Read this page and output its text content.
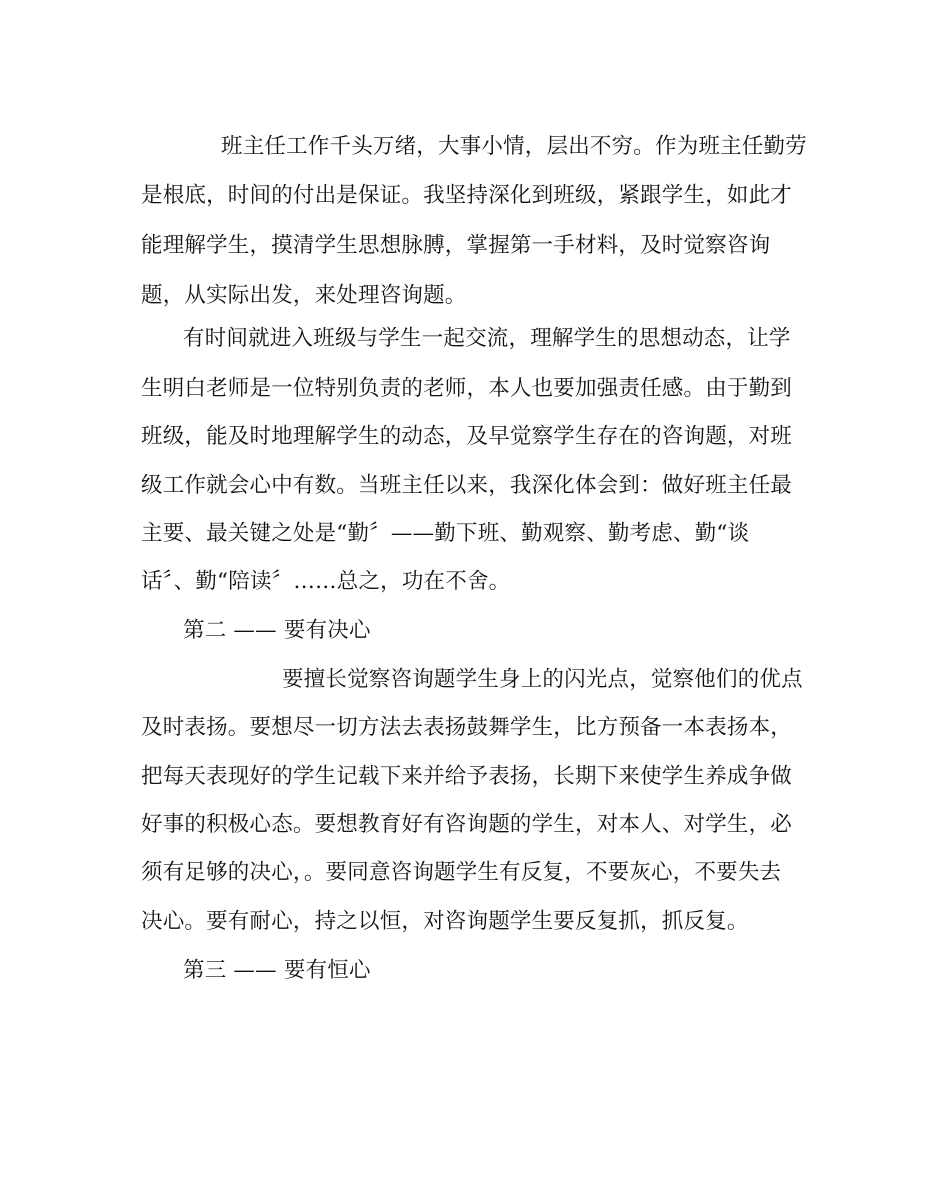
班主任工作千头万绪，大事小情，层出不穷。作为班主任勤劳
是根底，时间的付出是保证。我坚持深化到班级，紧跟学生，如此才
能理解学生，摸清学生思想脉膊，掌握第一手材料，及时觉察咨询
题，从实际出发，来处理咨询题。
有时间就进入班级与学生一起交流，理解学生的思想动态，让学
生明白老师是一位特别负责的老师，本人也要加强责任感。由于勤到
班级，能及时地理解学生的动态，及早觉察学生存在的咨询题，对班
级工作就会心中有数。当班主任以来，我深化体会到：做好班主任最
主要、最关键之处是“勤〞——勤下班、勤观察、勤考虑、勤“谈
话〞、勤“陪读〞……总之，功在不舍。
第二 —— 要有决心
要擅长觉察咨询题学生身上的闪光点，觉察他们的优点
及时表扬。要想尽一切方法去表扬鼓舞学生，比方预备一本表扬本，
把每天表现好的学生记载下来并给予表扬，长期下来使学生养成争做
好事的积极心态。要想教育好有咨询题的学生，对本人、对学生，必
须有足够的决心，。要同意咨询题学生有反复，不要灰心，不要失去
决心。要有耐心，持之以恒，对咨询题学生要反复抓，抓反复。
第三 —— 要有恒心
